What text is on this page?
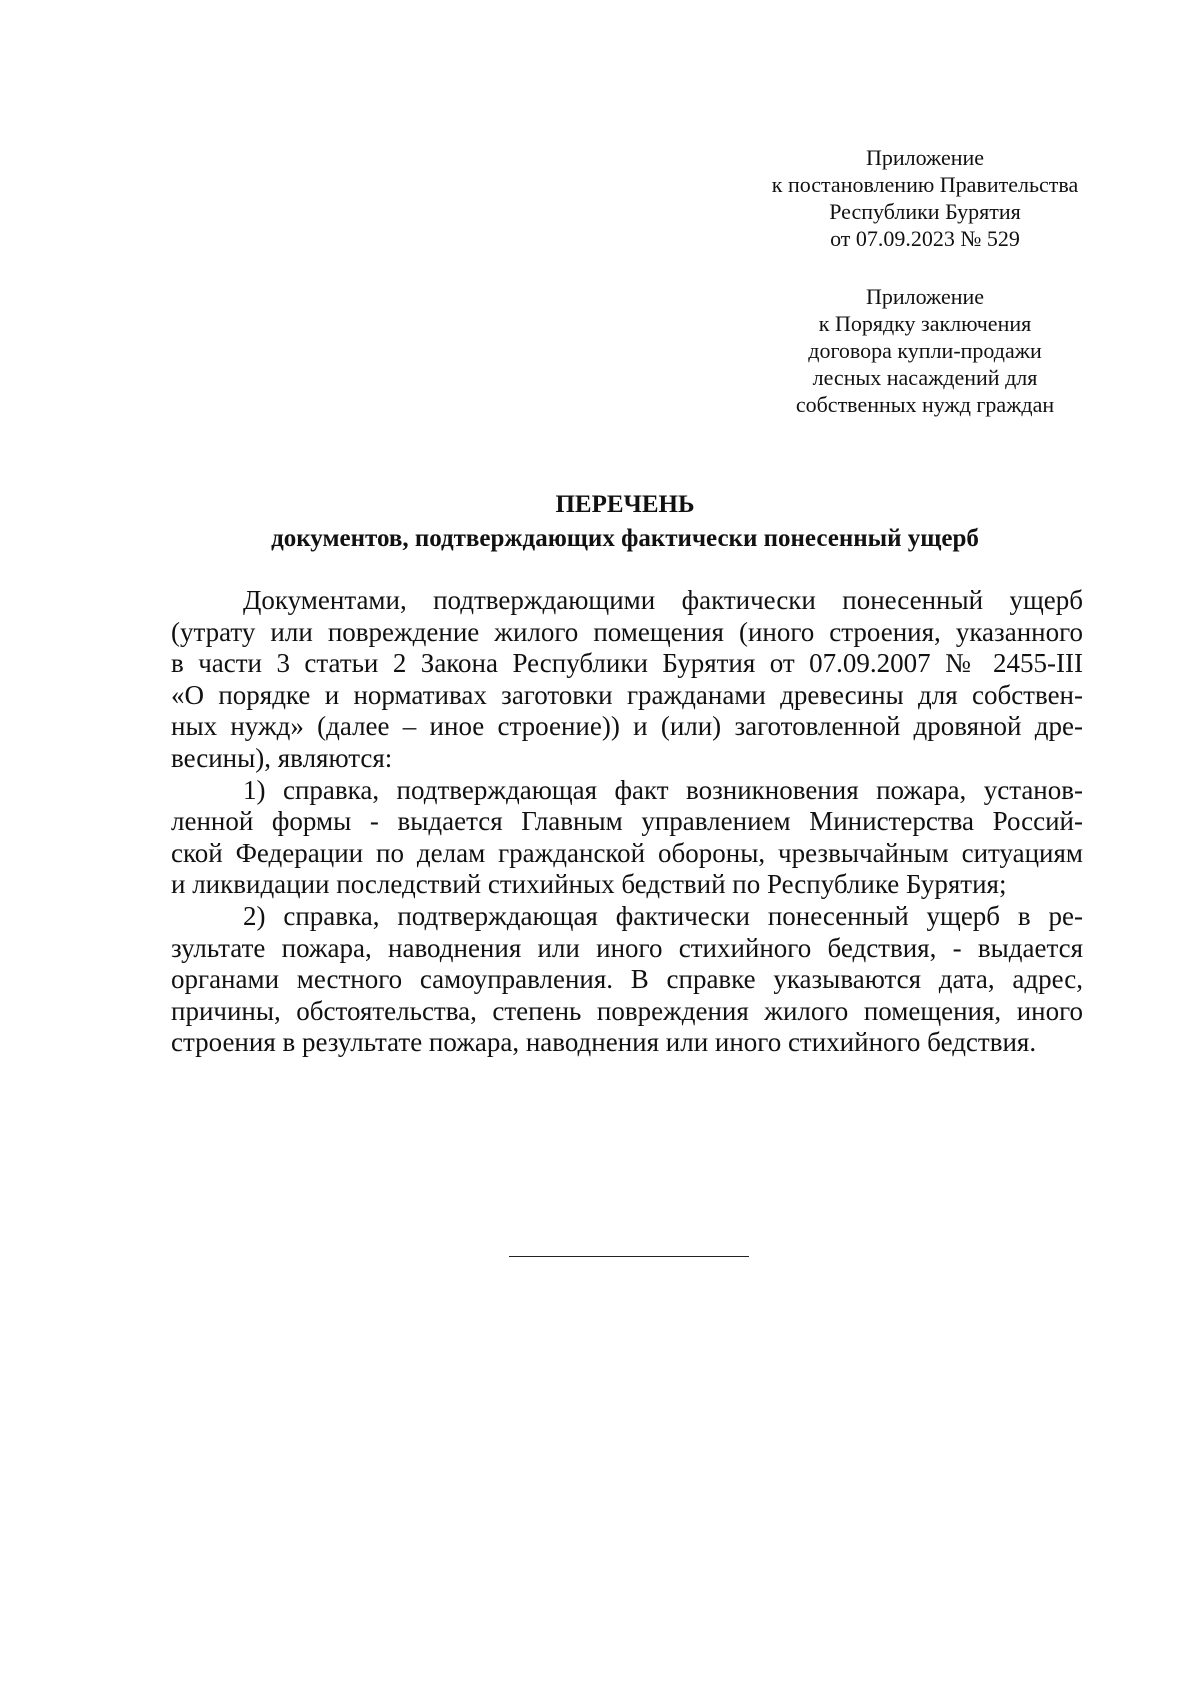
Приложение
к постановлению Правительства
Республики Бурятия
от 07.09.2023 № 529
Приложение
к Порядку заключения
договора купли-продажи
лесных насаждений для
собственных нужд граждан
ПЕРЕЧЕНЬ
документов, подтверждающих фактически понесенный ущерб
Документами, подтверждающими фактически понесенный ущерб
(утрату или повреждение жилого помещения (иного строения, указанного
в части 3 статьи 2 Закона Республики Бурятия от 07.09.2007 № 2455-III
«О порядке и нормативах заготовки гражданами древесины для собствен-
ных нужд» (далее – иное строение)) и (или) заготовленной дровяной дре-
весины), являются:
1) справка, подтверждающая факт возникновения пожара, установ-
ленной формы - выдается Главным управлением Министерства Россий-
ской Федерации по делам гражданской обороны, чрезвычайным ситуациям
и ликвидации последствий стихийных бедствий по Республике Бурятия;
2) справка, подтверждающая фактически понесенный ущерб в ре-
зультате пожара, наводнения или иного стихийного бедствия, - выдается
органами местного самоуправления. В справке указываются дата, адрес,
причины, обстоятельства, степень повреждения жилого помещения, иного
строения в результате пожара, наводнения или иного стихийного бедствия.
